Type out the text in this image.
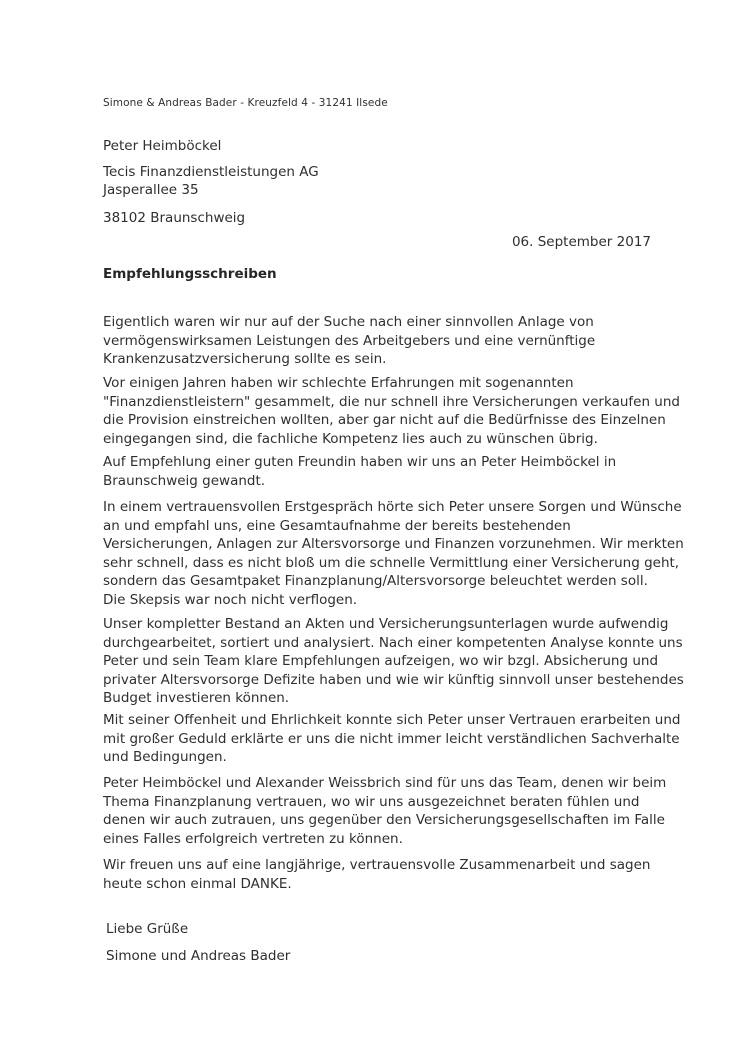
Simone & Andreas Bader - Kreuzfeld 4 - 31241 Ilsede
Peter Heimböckel
Tecis Finanzdienstleistungen AG
Jasperallee 35
38102 Braunschweig
06. September 2017
Empfehlungsschreiben
Eigentlich waren wir nur auf der Suche nach einer sinnvollen Anlage von
vermögenswirksamen Leistungen des Arbeitgebers und eine vernünftige
Krankenzusatzversicherung sollte es sein.
Vor einigen Jahren haben wir schlechte Erfahrungen mit sogenannten
"Finanzdienstleistern" gesammelt, die nur schnell ihre Versicherungen verkaufen und
die Provision einstreichen wollten, aber gar nicht auf die Bedürfnisse des Einzelnen
eingegangen sind, die fachliche Kompetenz lies auch zu wünschen übrig.
Auf Empfehlung einer guten Freundin haben wir uns an Peter Heimböckel in
Braunschweig gewandt.
In einem vertrauensvollen Erstgespräch hörte sich Peter unsere Sorgen und Wünsche
an und empfahl uns, eine Gesamtaufnahme der bereits bestehenden
Versicherungen, Anlagen zur Altersvorsorge und Finanzen vorzunehmen. Wir merkten
sehr schnell, dass es nicht bloß um die schnelle Vermittlung einer Versicherung geht,
sondern das Gesamtpaket Finanzplanung/Altersvorsorge beleuchtet werden soll.
Die Skepsis war noch nicht verflogen.
Unser kompletter Bestand an Akten und Versicherungsunterlagen wurde aufwendig
durchgearbeitet, sortiert und analysiert. Nach einer kompetenten Analyse konnte uns
Peter und sein Team klare Empfehlungen aufzeigen, wo wir bzgl. Absicherung und
privater Altersvorsorge Defizite haben und wie wir künftig sinnvoll unser bestehendes
Budget investieren können.
Mit seiner Offenheit und Ehrlichkeit konnte sich Peter unser Vertrauen erarbeiten und
mit großer Geduld erklärte er uns die nicht immer leicht verständlichen Sachverhalte
und Bedingungen.
Peter Heimböckel und Alexander Weissbrich sind für uns das Team, denen wir beim
Thema Finanzplanung vertrauen, wo wir uns ausgezeichnet beraten fühlen und
denen wir auch zutrauen, uns gegenüber den Versicherungsgesellschaften im Falle
eines Falles erfolgreich vertreten zu können.
Wir freuen uns auf eine langjährige, vertrauensvolle Zusammenarbeit und sagen
heute schon einmal DANKE.
Liebe Grüße
Simone und Andreas Bader
